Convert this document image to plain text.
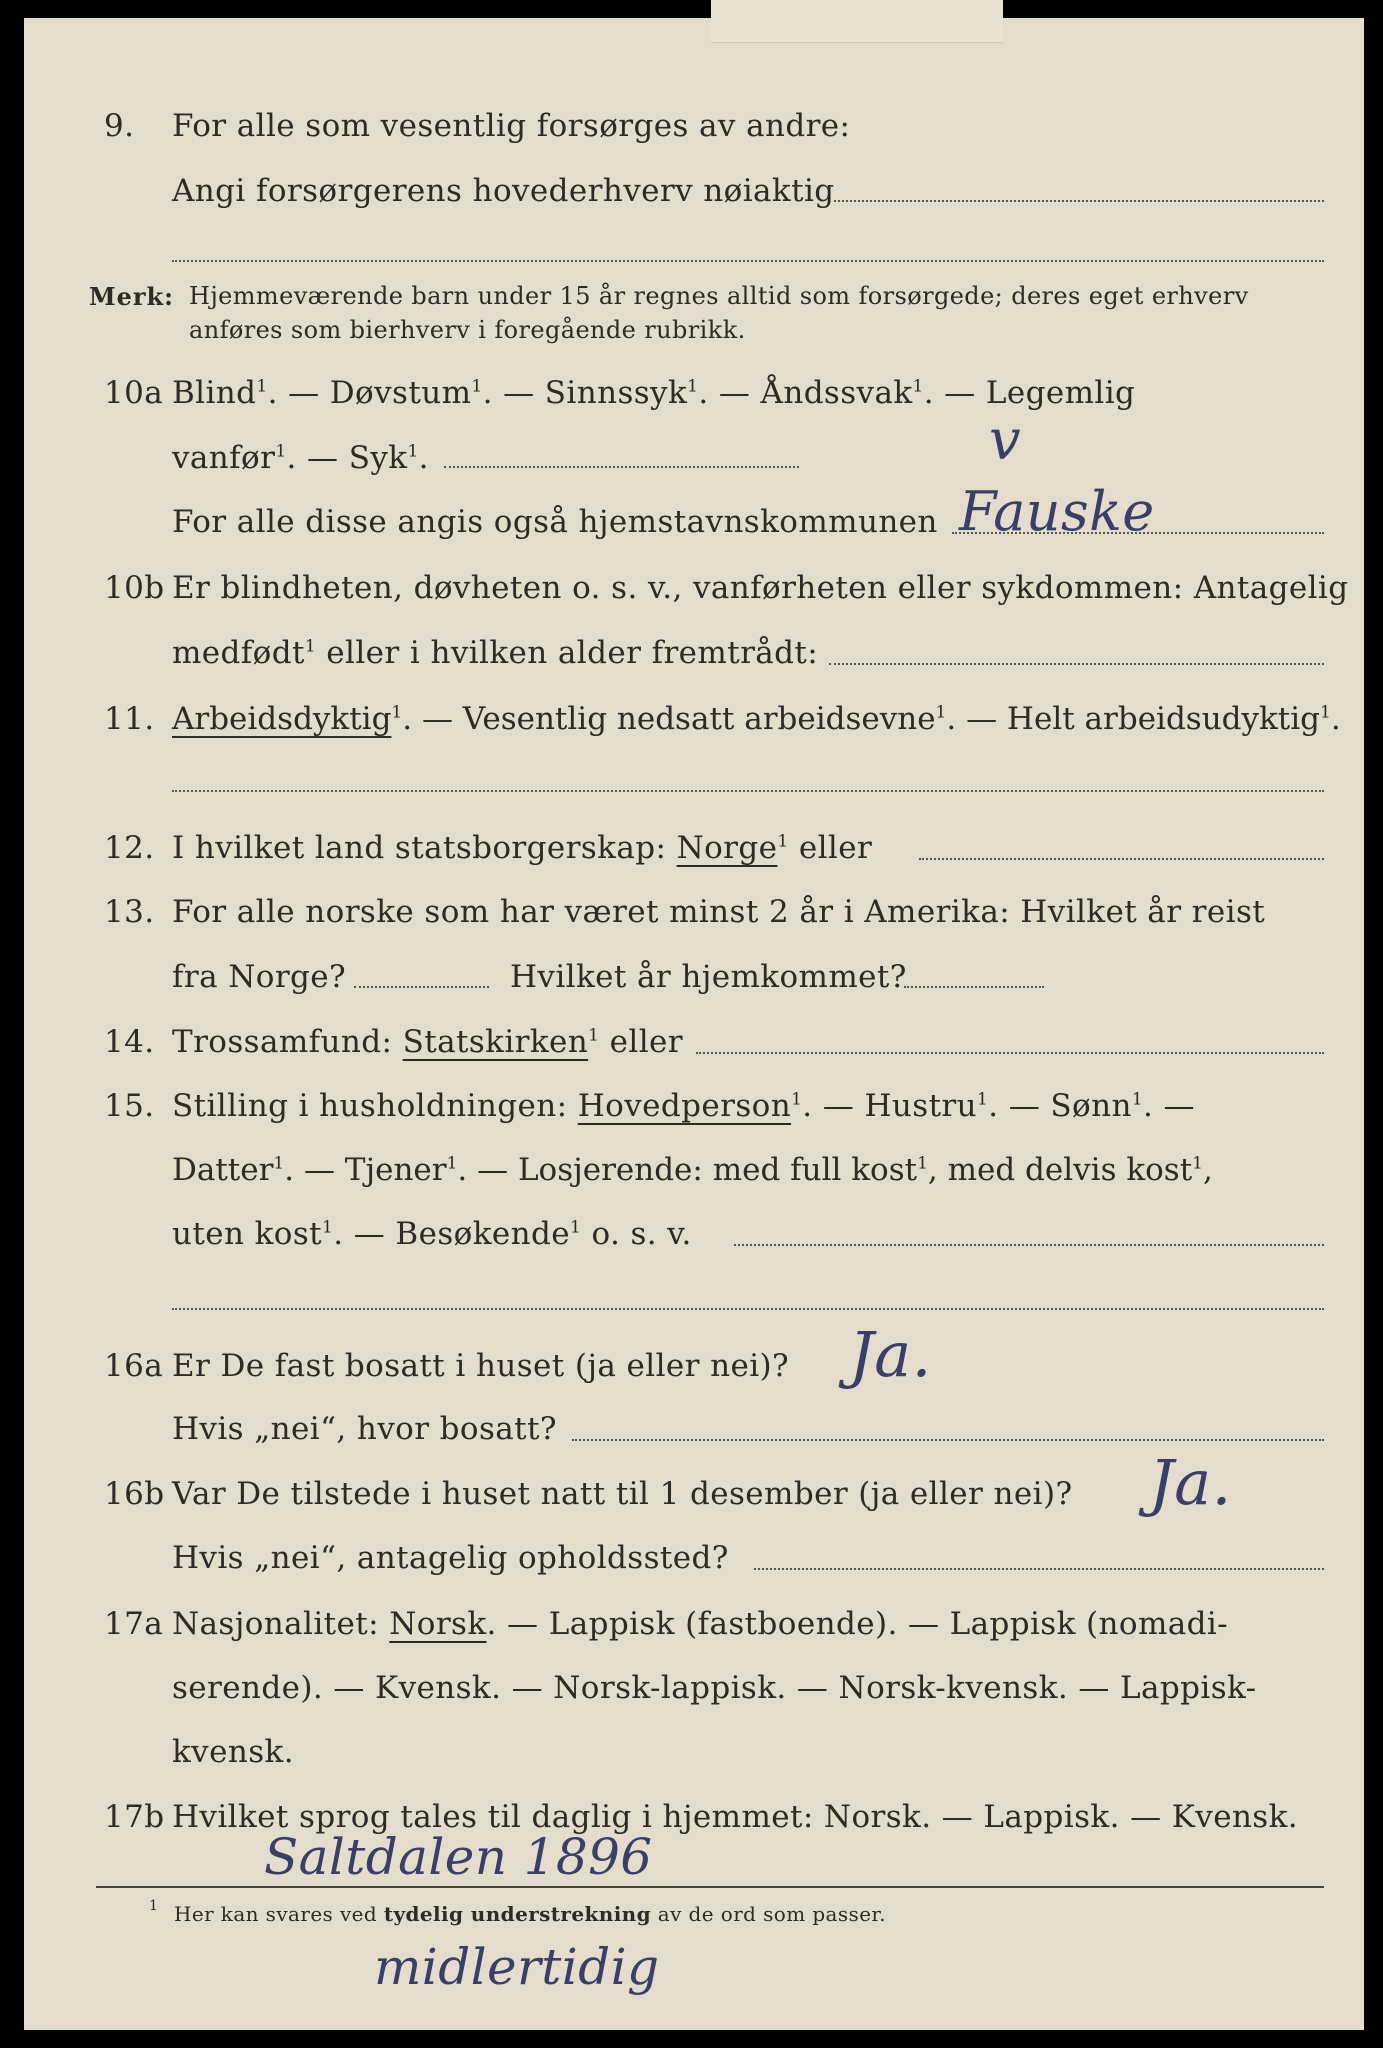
9. For alle som vesentlig forsørges av andre:
Angi forsørgerens hovederhverv nøiaktig
Merk: Hjemmeværende barn under 15 år regnes alltid som forsørgede; deres eget erhverv
anføres som bierhverv i foregående rubrikk.
10a Blind$^1$. — Døvstum$^1$. — Sinnssyk$^1$. — Åndssvak$^1$. — Legemlig
vanfør$^1$. — Syk$^1$.	v
For alle disse angis også hjemstavnskommunen Fauske
10b Er blindheten, døvheten o. s. v., vanførheten eller sykdommen: Antagelig
medfødt$^1$ eller i hvilken alder fremtrådt:
11. Arbeidsdyktig$^1$. — Vesentlig nedsatt arbeidsevne$^1$. — Helt arbeidsudyktig$^1$.
12. I hvilket land statsborgerskap: Norge$^1$ eller
13. For alle norske som har været minst 2 år i Amerika: Hvilket år reist
fra Norge?	Hvilket år hjemkommet?
14. Trossamfund: Statskirken$^1$ eller
15. Stilling i husholdningen: Hovedperson$^1$. — Hustru$^1$. — Sønn$^1$. —
Datter$^1$. — Tjener$^1$. — Losjerende: med full kost$^1$, med delvis kost$^1$,
uten kost$^1$. — Besøkende$^1$ o. s. v.
16a Er De fast bosatt i huset (ja eller nei)? Ja.
Hvis „nei“, hvor bosatt?
16b Var De tilstede i huset natt til 1 desember (ja eller nei)? Ja.
Hvis „nei“, antagelig opholdssted?
17a Nasjonalitet: Norsk. — Lappisk (fastboende). — Lappisk (nomadi-
serende). — Kvensk. — Norsk-lappisk. — Norsk-kvensk. — Lappisk-
kvensk.
17b Hvilket sprog tales til daglig i hjemmet: Norsk. — Lappisk. — Kvensk.
Saltdalen 1896
1 Her kan svares ved tydelig understrekning av de ord som passer.
midlertidig
